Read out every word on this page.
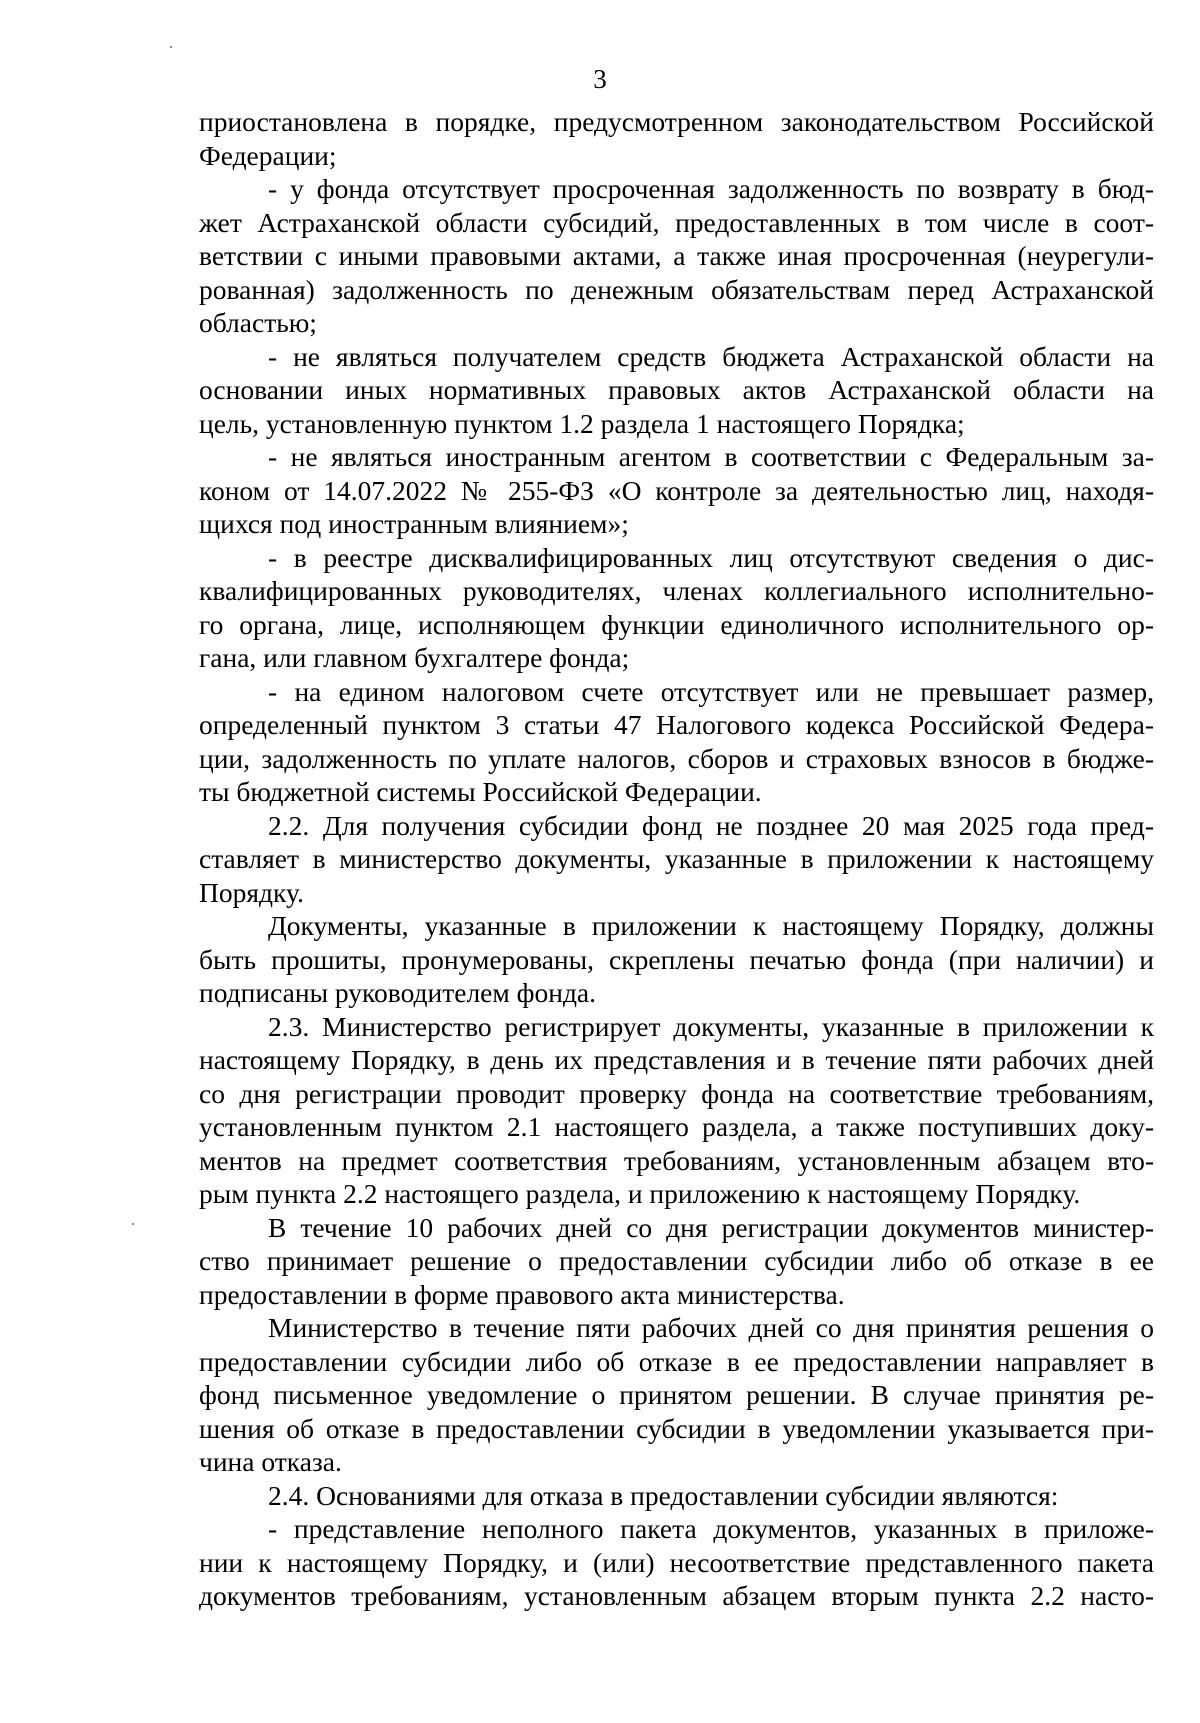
3
приостановлена в порядке, предусмотренном законодательством Российской
Федерации;
- у фонда отсутствует просроченная задолженность по возврату в бюд-
жет Астраханской области субсидий, предоставленных в том числе в соот-
ветствии с иными правовыми актами, а также иная просроченная (неурегули-
рованная) задолженность по денежным обязательствам перед Астраханской
областью;
- не являться получателем средств бюджета Астраханской области на
основании иных нормативных правовых актов Астраханской области на
цель, установленную пунктом 1.2 раздела 1 настоящего Порядка;
- не являться иностранным агентом в соответствии с Федеральным за-
коном от 14.07.2022 № 255-ФЗ «О контроле за деятельностью лиц, находя-
щихся под иностранным влиянием»;
- в реестре дисквалифицированных лиц отсутствуют сведения о дис-
квалифицированных руководителях, членах коллегиального исполнительно-
го органа, лице, исполняющем функции единоличного исполнительного ор-
гана, или главном бухгалтере фонда;
- на едином налоговом счете отсутствует или не превышает размер,
определенный пунктом 3 статьи 47 Налогового кодекса Российской Федера-
ции, задолженность по уплате налогов, сборов и страховых взносов в бюдже-
ты бюджетной системы Российской Федерации.
2.2. Для получения субсидии фонд не позднее 20 мая 2025 года пред-
ставляет в министерство документы, указанные в приложении к настоящему
Порядку.
Документы, указанные в приложении к настоящему Порядку, должны
быть прошиты, пронумерованы, скреплены печатью фонда (при наличии) и
подписаны руководителем фонда.
2.3. Министерство регистрирует документы, указанные в приложении к
настоящему Порядку, в день их представления и в течение пяти рабочих дней
со дня регистрации проводит проверку фонда на соответствие требованиям,
установленным пунктом 2.1 настоящего раздела, а также поступивших доку-
ментов на предмет соответствия требованиям, установленным абзацем вто-
рым пункта 2.2 настоящего раздела, и приложению к настоящему Порядку.
В течение 10 рабочих дней со дня регистрации документов министер-
ство принимает решение о предоставлении субсидии либо об отказе в ее
предоставлении в форме правового акта министерства.
Министерство в течение пяти рабочих дней со дня принятия решения о
предоставлении субсидии либо об отказе в ее предоставлении направляет в
фонд письменное уведомление о принятом решении. В случае принятия ре-
шения об отказе в предоставлении субсидии в уведомлении указывается при-
чина отказа.
2.4. Основаниями для отказа в предоставлении субсидии являются:
- представление неполного пакета документов, указанных в приложе-
нии к настоящему Порядку, и (или) несоответствие представленного пакета
документов требованиям, установленным абзацем вторым пункта 2.2 насто-
